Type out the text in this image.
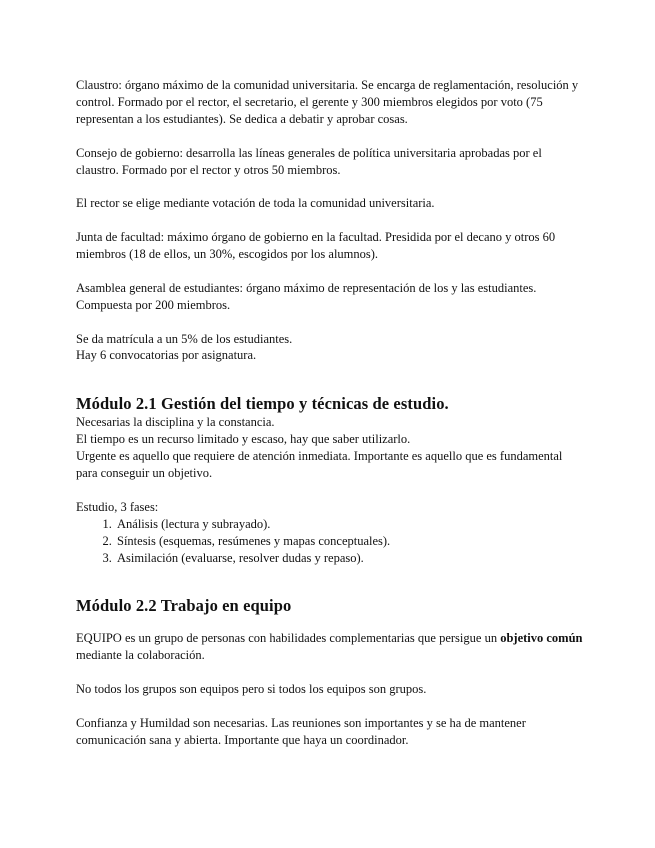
Claustro: órgano máximo de la comunidad universitaria. Se encarga de reglamentación, resolución y control. Formado por el rector, el secretario, el gerente y 300 miembros elegidos por voto (75 representan a los estudiantes). Se dedica a debatir y aprobar cosas.

Consejo de gobierno: desarrolla las líneas generales de política universitaria aprobadas por el claustro. Formado por el rector y otros 50 miembros.

El rector se elige mediante votación de toda la comunidad universitaria.

Junta de facultad: máximo órgano de gobierno en la facultad. Presidida por el decano y otros 60 miembros (18 de ellos, un 30%, escogidos por los alumnos).

Asamblea general de estudiantes: órgano máximo de representación de los y las estudiantes. Compuesta por 200 miembros.

Se da matrícula a un 5% de los estudiantes.

Hay 6 convocatorias por asignatura.

Módulo 2.1 Gestión del tiempo y técnicas de estudio.

Necesarias la disciplina y la constancia.

El tiempo es un recurso limitado y escaso, hay que saber utilizarlo.

Urgente es aquello que requiere de atención inmediata. Importante es aquello que es fundamental para conseguir un objetivo.

Estudio, 3 fases:

1. Análisis (lectura y subrayado).
2. Síntesis (esquemas, resúmenes y mapas conceptuales).
3. Asimilación (evaluarse, resolver dudas y repaso).
Módulo 2.2 Trabajo en equipo

EQUIPO es un grupo de personas con habilidades complementarias que persigue un objetivo común mediante la colaboración.

No todos los grupos son equipos pero si todos los equipos son grupos.

Confianza y Humildad son necesarias. Las reuniones son importantes y se ha de mantener comunicación sana y abierta. Importante que haya un coordinador.
